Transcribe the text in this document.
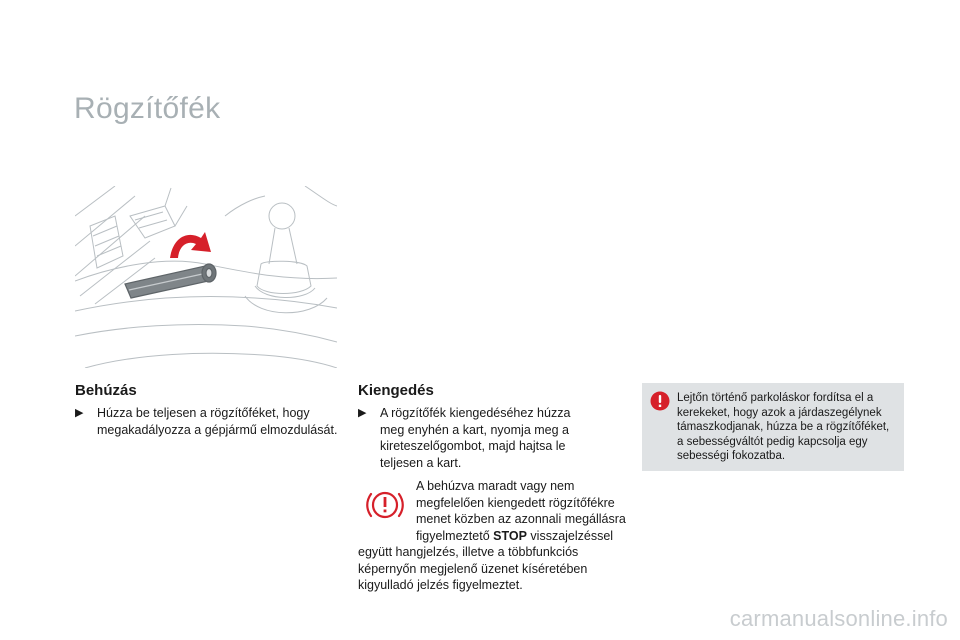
Rögzítőfék
Behúzás
▶	Húzza be teljesen a rögzítőféket, hogy megakadályozza a gépjármű elmozdulását.
Kiengedés
▶	A rögzítőfék kiengedéséhez húzza meg enyhén a kart, nyomja meg a kireteszelőgombot, majd hajtsa le teljesen a kart.

A behúzva maradt vagy nem megfelelően kiengedett rögzítőfékre menet közben az azonnali megállásra figyelmeztető STOP visszajelzéssel együtt hangjelzés, illetve a többfunkciós képernyőn megjelenő üzenet kíséretében kigyulladó jelzés figyelmeztet.

Lejtőn történő parkoláskor fordítsa el a kerekeket, hogy azok a járdaszegélynek támaszkodjanak, húzza be a rögzítőféket, a sebességváltót pedig kapcsolja egy sebességi fokozatba.
carmanualsonline.info
